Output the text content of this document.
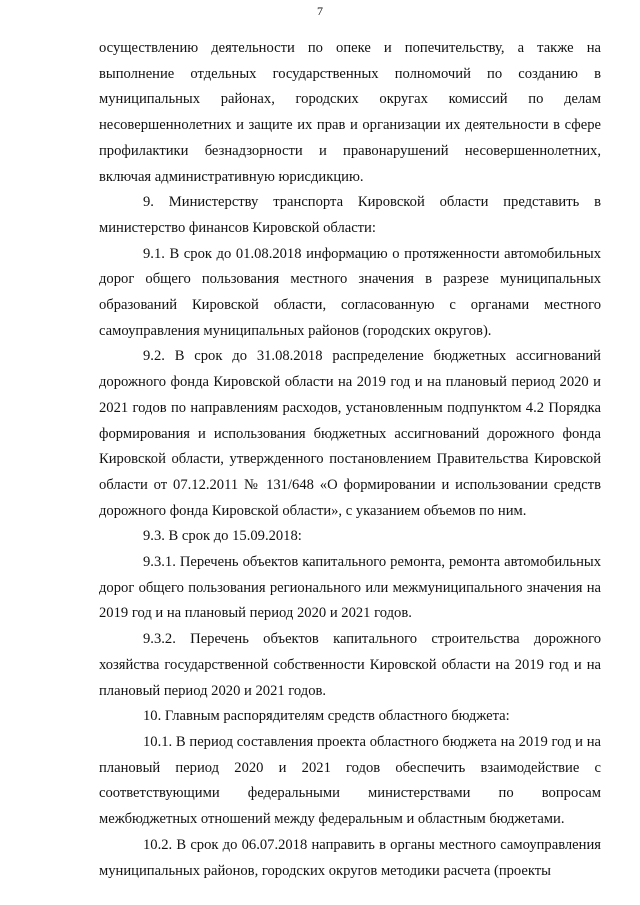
7

осуществлению деятельности по опеке и попечительству, а также на выполнение отдельных государственных полномочий по созданию в муниципальных районах, городских округах комиссий по делам несовершеннолетних и защите их прав и организации их деятельности в сфере профилактики безнадзорности и правонарушений несовершеннолетних, включая административную юрисдикцию.

9. Министерству транспорта Кировской области представить в министерство финансов Кировской области:

9.1. В срок до 01.08.2018 информацию о протяженности автомобильных дорог общего пользования местного значения в разрезе муниципальных образований Кировской области, согласованную с органами местного самоуправления муниципальных районов (городских округов).

9.2. В срок до 31.08.2018 распределение бюджетных ассигнований дорожного фонда Кировской области на 2019 год и на плановый период 2020 и 2021 годов по направлениям расходов, установленным подпунктом 4.2 Порядка формирования и использования бюджетных ассигнований дорожного фонда Кировской области, утвержденного постановлением Правительства Кировской области от 07.12.2011 № 131/648 «О формировании и использовании средств дорожного фонда Кировской области», с указанием объемов по ним.

9.3. В срок до 15.09.2018:

9.3.1. Перечень объектов капитального ремонта, ремонта автомобильных дорог общего пользования регионального или межмуниципального значения на 2019 год и на плановый период 2020 и 2021 годов.

9.3.2. Перечень объектов капитального строительства дорожного хозяйства государственной собственности Кировской области на 2019 год и на плановый период 2020 и 2021 годов.

10. Главным распорядителям средств областного бюджета:

10.1. В период составления проекта областного бюджета на 2019 год и на плановый период 2020 и 2021 годов обеспечить взаимодействие с соответствующими федеральными министерствами по вопросам межбюджетных отношений между федеральным и областным бюджетами.

10.2. В срок до 06.07.2018 направить в органы местного самоуправления муниципальных районов, городских округов методики расчета (проекты
